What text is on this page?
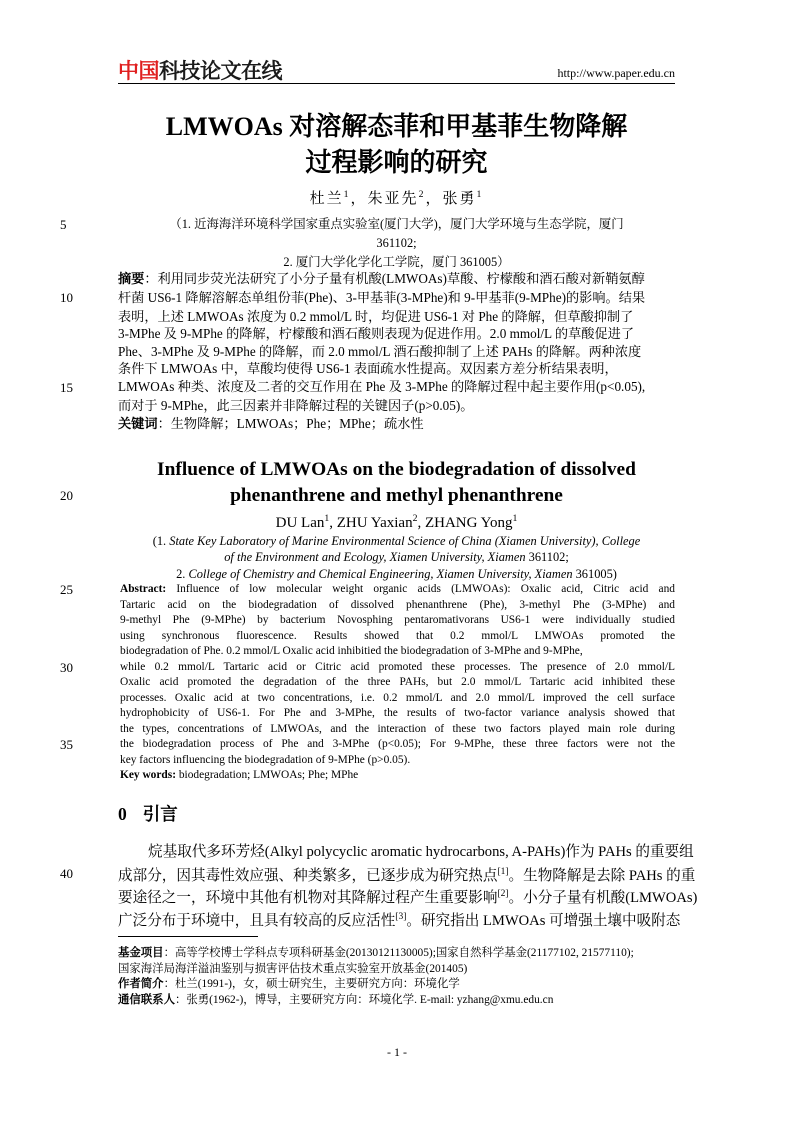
中国科技论文在线	http://www.paper.edu.cn
LMWOAs 对溶解态菲和甲基菲生物降解
过程影响的研究
杜兰$^1$，朱亚先$^2$，张勇$^1$
（1. 近海海洋环境科学国家重点实验室(厦门大学)，厦门大学环境与生态学院，厦门
361102;
2. 厦门大学化学化工学院，厦门 361005）
摘要：利用同步荧光法研究了小分子量有机酸(LMWOAs)草酸、柠檬酸和酒石酸对新鞘氨醇
杆菌 US6-1 降解溶解态单组份菲(Phe)、3-甲基菲(3-MPhe)和 9-甲基菲(9-MPhe)的影响。结果
表明，上述 LMWOAs 浓度为 0.2 mmol/L 时，均促进 US6-1 对 Phe 的降解，但草酸抑制了
3-MPhe 及 9-MPhe 的降解，柠檬酸和酒石酸则表现为促进作用。2.0 mmol/L 的草酸促进了
Phe、3-MPhe 及 9-MPhe 的降解，而 2.0 mmol/L 酒石酸抑制了上述 PAHs 的降解。两种浓度
条件下 LMWOAs 中，草酸均使得 US6-1 表面疏水性提高。双因素方差分析结果表明，
LMWOAs 种类、浓度及二者的交互作用在 Phe 及 3-MPhe 的降解过程中起主要作用(p<0.05),
而对于 9-MPhe，此三因素并非降解过程的关键因子(p>0.05)。
关键词：生物降解；LMWOAs；Phe；MPhe；疏水性
Influence of LMWOAs on the biodegradation of dissolved
phenanthrene and methyl phenanthrene
DU Lan$^1$, ZHU Yaxian$^2$, ZHANG Yong$^1$
(1. State Key Laboratory of Marine Environmental Science of China (Xiamen University), College
of the Environment and Ecology, Xiamen University, Xiamen 361102;
2. College of Chemistry and Chemical Engineering, Xiamen University, Xiamen 361005)
Abstract: Influence of low molecular weight organic acids (LMWOAs): Oxalic acid, Citric acid and
Tartaric acid on the biodegradation of dissolved phenanthrene (Phe), 3-methyl Phe (3-MPhe) and
9-methyl Phe (9-MPhe) by bacterium Novosphing pentaromativorans US6-1 were individually studied
using synchronous fluorescence. Results showed that 0.2 mmol/L LMWOAs promoted the
biodegradation of Phe. 0.2 mmol/L Oxalic acid inhibitied the biodegradation of 3-MPhe and 9-MPhe,
while 0.2 mmol/L Tartaric acid or Citric acid promoted these processes. The presence of 2.0 mmol/L
Oxalic acid promoted the degradation of the three PAHs, but 2.0 mmol/L Tartaric acid inhibited these
processes. Oxalic acid at two concentrations, i.e. 0.2 mmol/L and 2.0 mmol/L improved the cell surface
hydrophobicity of US6-1. For Phe and 3-MPhe, the results of two-factor variance analysis showed that
the types, concentrations of LMWOAs, and the interaction of these two factors played main role during
the biodegradation process of Phe and 3-MPhe (p<0.05); For 9-MPhe, these three factors were not the
key factors influencing the biodegradation of 9-MPhe (p>0.05).
Key words: biodegradation; LMWOAs; Phe; MPhe
0 引言
烷基取代多环芳烃(Alkyl polycyclic aromatic hydrocarbons, A-PAHs)作为 PAHs 的重要组
成部分，因其毒性效应强、种类繁多，已逐步成为研究热点[1]。生物降解是去除 PAHs 的重
要途径之一，环境中其他有机物对其降解过程产生重要影响[2]。小分子量有机酸(LMWOAs)
广泛分布于环境中，且具有较高的反应活性[3]。研究指出 LMWOAs 可增强土壤中吸附态
基金项目：高等学校博士学科点专项科研基金(20130121130005);国家自然科学基金(21177102, 21577110);
国家海洋局海洋溢油鉴别与损害评估技术重点实验室开放基金(201405)
作者简介：杜兰(1991-)，女，硕士研究生，主要研究方向：环境化学
通信联系人：张勇(1962-)，博导，主要研究方向：环境化学. E-mail: yzhang@xmu.edu.cn
5
10
15
20
25
30
35
40
- 1 -
